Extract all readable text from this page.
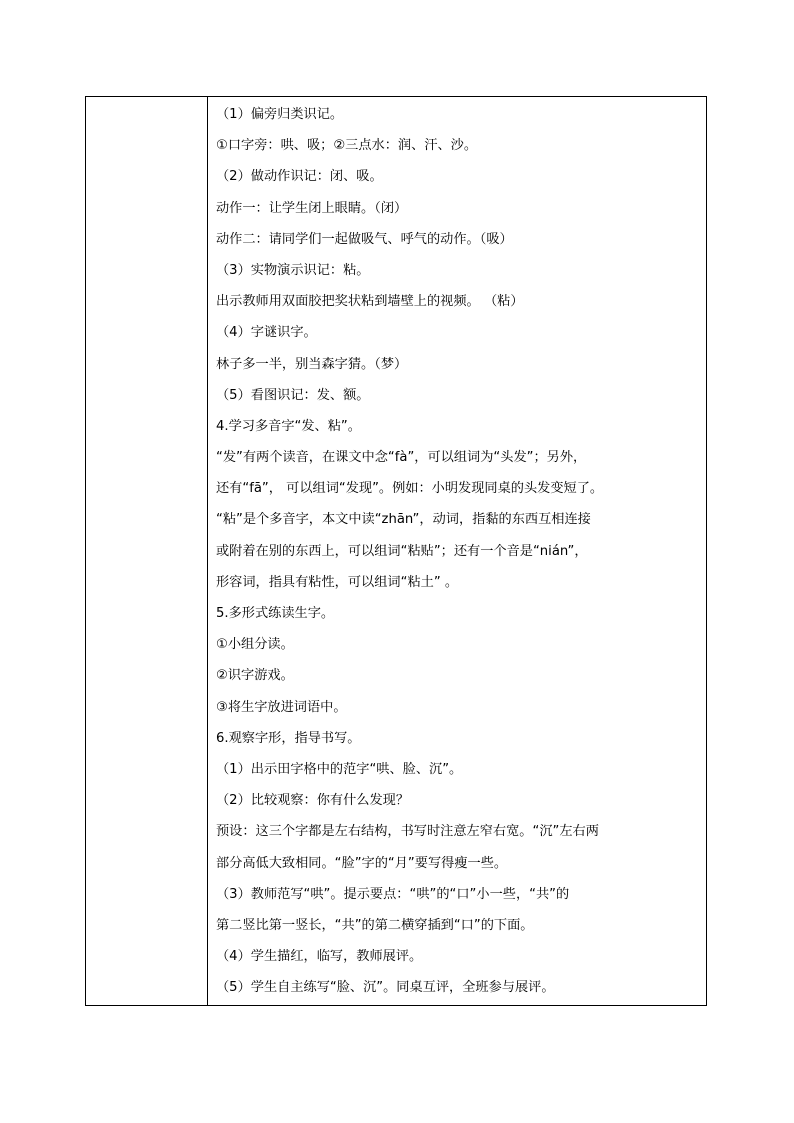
（1）偏旁归类识记。
①口字旁：哄、吸；②三点水：润、汗、沙。
（2）做动作识记：闭、吸。
动作一：让学生闭上眼睛。（闭）
动作二：请同学们一起做吸气、呼气的动作。（吸）
（3）实物演示识记：粘。
出示教师用双面胶把奖状粘到墙壁上的视频。 （粘）
（4）字谜识字。
林子多一半，别当森字猜。（梦）
（5）看图识记：发、额。
4.学习多音字“发、粘”。
“发”有两个读音，在课文中念“fà”，可以组词为“头发”；另外，
还有“fā”， 可以组词“发现”。例如：小明发现同桌的头发变短了。
“粘”是个多音字，本文中读“zhān”，动词，指黏的东西互相连接
或附着在别的东西上，可以组词“粘贴”；还有一个音是“nián”，
形容词，指具有粘性，可以组词“粘土” 。
5.多形式练读生字。
①小组分读。
②识字游戏。
③将生字放进词语中。
6.观察字形，指导书写。
（1）出示田字格中的范字“哄、脸、沉”。
（2）比较观察：你有什么发现？
预设：这三个字都是左右结构，书写时注意左窄右宽。“沉”左右两
部分高低大致相同。“脸”字的“月”要写得瘦一些。
（3）教师范写“哄”。提示要点：“哄”的“口”小一些，“共”的
第二竖比第一竖长，“共”的第二横穿插到“口”的下面。
（4）学生描红，临写，教师展评。
（5）学生自主练写“脸、沉”。同桌互评，全班参与展评。
